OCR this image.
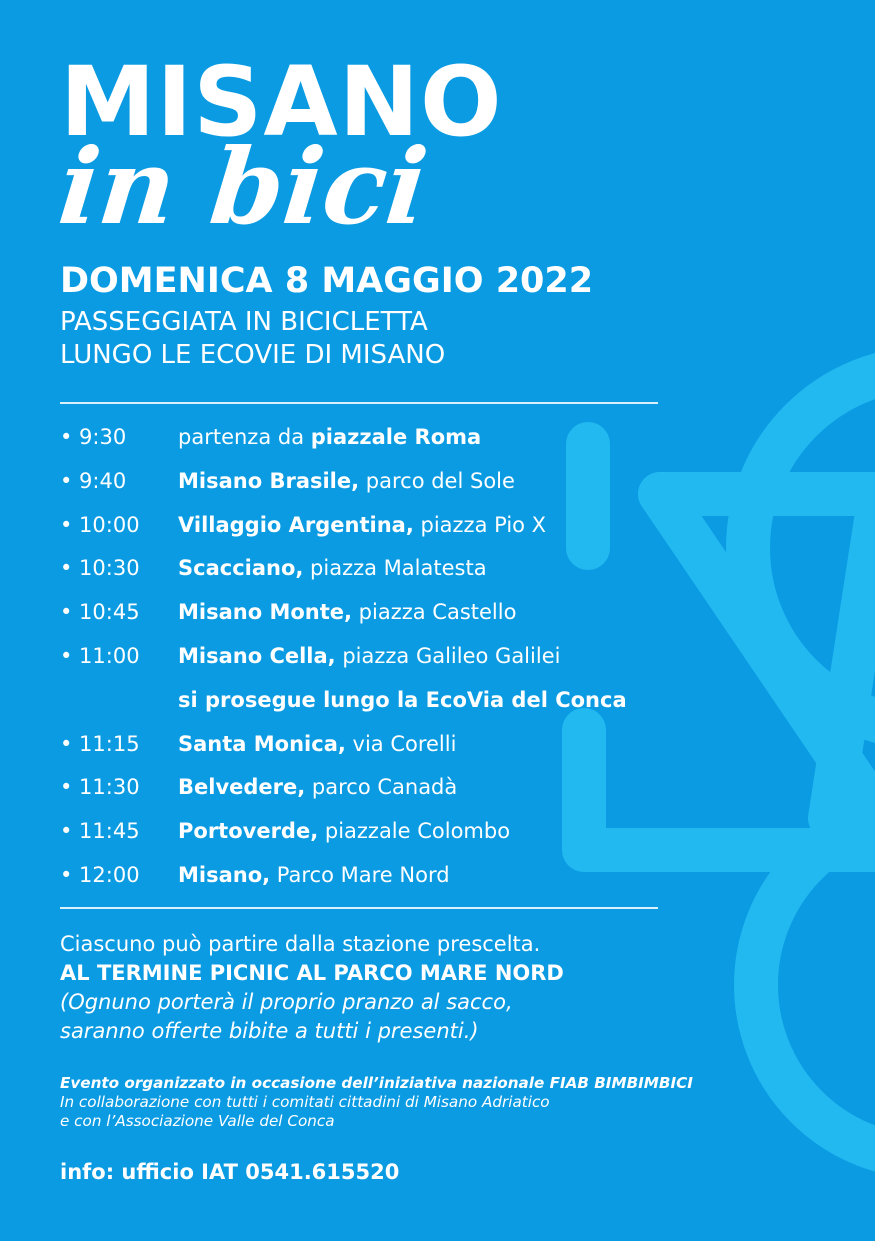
MISANO
in bici
DOMENICA 8 MAGGIO 2022
PASSEGGIATA IN BICICLETTA
LUNGO LE ECOVIE DI MISANO
• 9:30 partenza da piazzale Roma
• 9:40 Misano Brasile, parco del Sole
• 10:00 Villaggio Argentina, piazza Pio X
• 10:30 Scacciano, piazza Malatesta
• 10:45 Misano Monte, piazza Castello
• 11:00 Misano Cella, piazza Galileo Galilei
si prosegue lungo la EcoVia del Conca
• 11:15 Santa Monica, via Corelli
• 11:30 Belvedere, parco Canadà
• 11:45 Portoverde, piazzale Colombo
• 12:00 Misano, Parco Mare Nord
Ciascuno può partire dalla stazione prescelta.
AL TERMINE PICNIC AL PARCO MARE NORD
(Ognuno porterà il proprio pranzo al sacco,
saranno offerte bibite a tutti i presenti.)
Evento organizzato in occasione dell’iniziativa nazionale FIAB BIMBIMBICI
In collaborazione con tutti i comitati cittadini di Misano Adriatico
e con l’Associazione Valle del Conca
info: ufficio IAT 0541.615520
